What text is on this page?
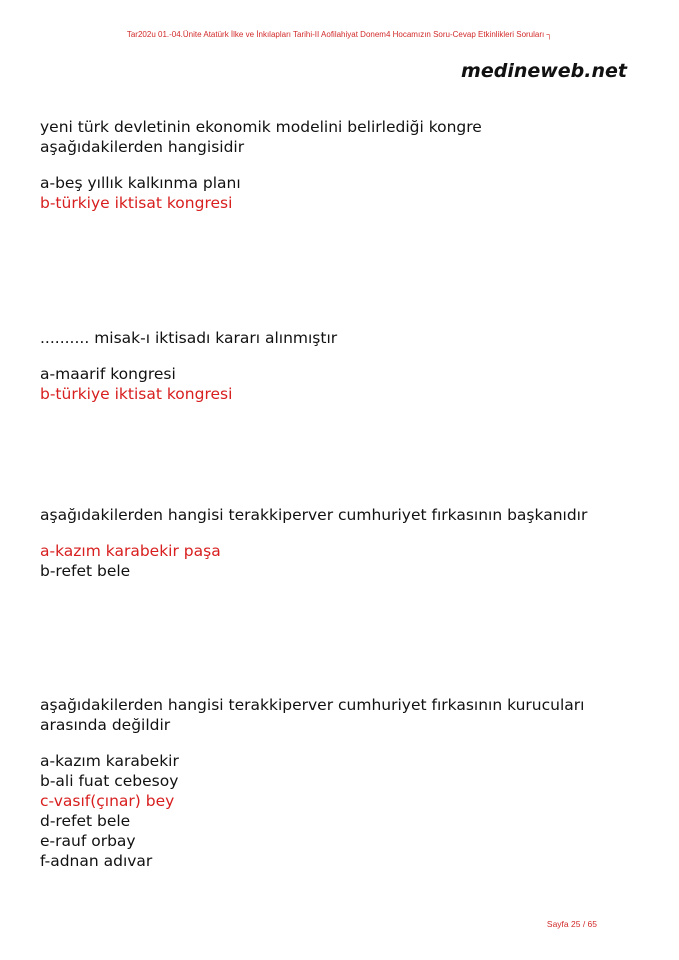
Tar202u 01.-04.Ünite Atatürk İlke ve İnkılapları Tarihi-II Aofilahiyat Donem4 Hocamızın Soru-Cevap Etkinlikleri Soruları ┐
medineweb.net
yeni türk devletinin ekonomik modelini belirlediği kongre
aşağıdakilerden hangisidir
a-beş yıllık kalkınma planı
b-türkiye iktisat kongresi
.......... misak-ı iktisadı kararı alınmıştır
a-maarif kongresi
b-türkiye iktisat kongresi
aşağıdakilerden hangisi terakkiperver cumhuriyet fırkasının başkanıdır
a-kazım karabekir paşa
b-refet bele
aşağıdakilerden hangisi terakkiperver cumhuriyet fırkasının kurucuları
arasında değildir
a-kazım karabekir
b-ali fuat cebesoy
c-vasıf(çınar) bey
d-refet bele
e-rauf orbay
f-adnan adıvar
Sayfa 25 / 65
